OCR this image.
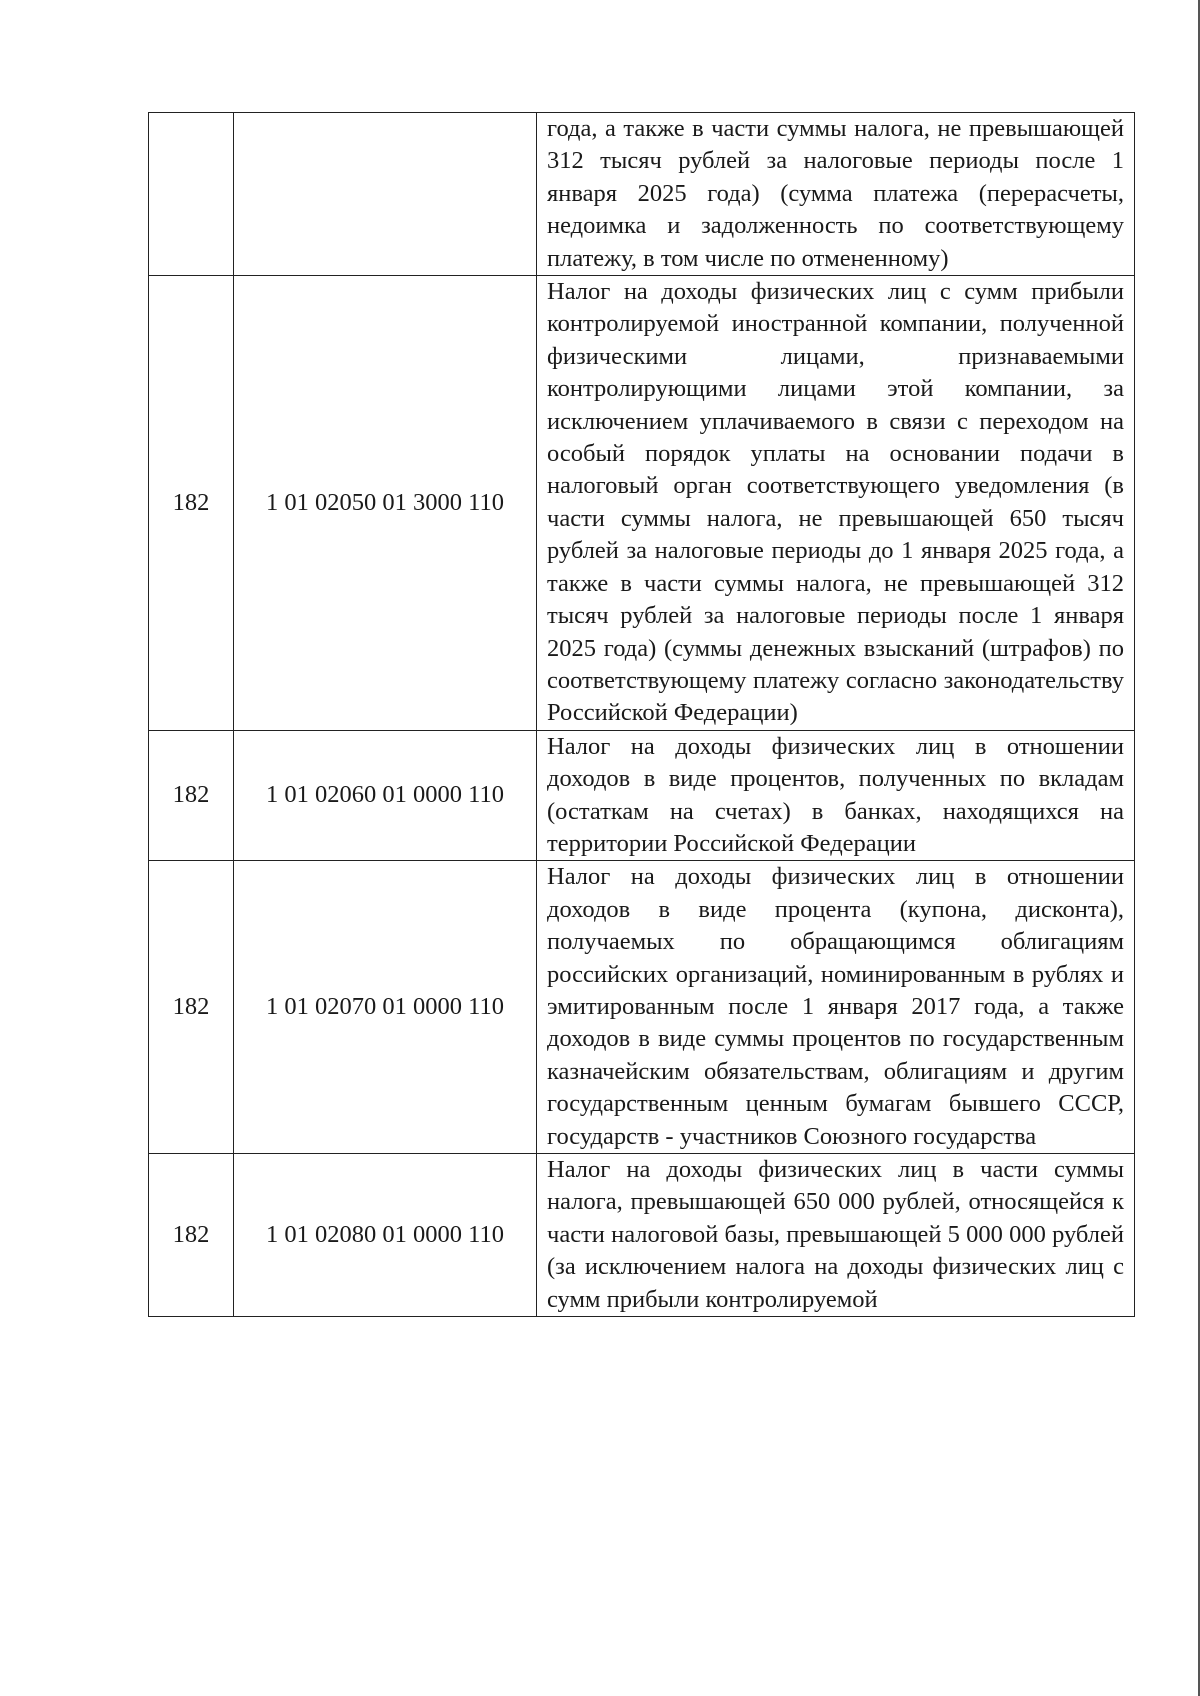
		года, а также в части суммы налога, не превышающей 312 тысяч рублей за налоговые периоды после 1 января 2025 года) (сумма платежа (перерасчеты, недоимка и задолженность по соответствующему платежу, в том числе по отмененному)

182	1 01 02050 01 3000 110	Налог на доходы физических лиц с сумм прибыли контролируемой иностранной компании, полученной физическими лицами, признаваемыми контролирующими лицами этой компании, за исключением уплачиваемого в связи с переходом на особый порядок уплаты на основании подачи в налоговый орган соответствующего уведомления (в части суммы налога, не превышающей 650 тысяч рублей за налоговые периоды до 1 января 2025 года, а также в части суммы налога, не превышающей 312 тысяч рублей за налоговые периоды после 1 января 2025 года) (суммы денежных взысканий (штрафов) по соответствующему платежу согласно законодательству Российской Федерации)

182	1 01 02060 01 0000 110	Налог на доходы физических лиц в отношении доходов в виде процентов, полученных по вкладам (остаткам на счетах) в банках, находящихся на территории Российской Федерации

182	1 01 02070 01 0000 110	Налог на доходы физических лиц в отношении доходов в виде процента (купона, дисконта), получаемых по обращающимся облигациям российских организаций, номинированным в рублях и эмитированным после 1 января 2017 года, а также доходов в виде суммы процентов по государственным казначейским обязательствам, облигациям и другим государственным ценным бумагам бывшего СССР, государств - участников Союзного государства

182	1 01 02080 01 0000 110	Налог на доходы физических лиц в части суммы налога, превышающей 650 000 рублей, относящейся к части налоговой базы, превышающей 5 000 000 рублей (за исключением налога на доходы физических лиц с сумм прибыли контролируемой
